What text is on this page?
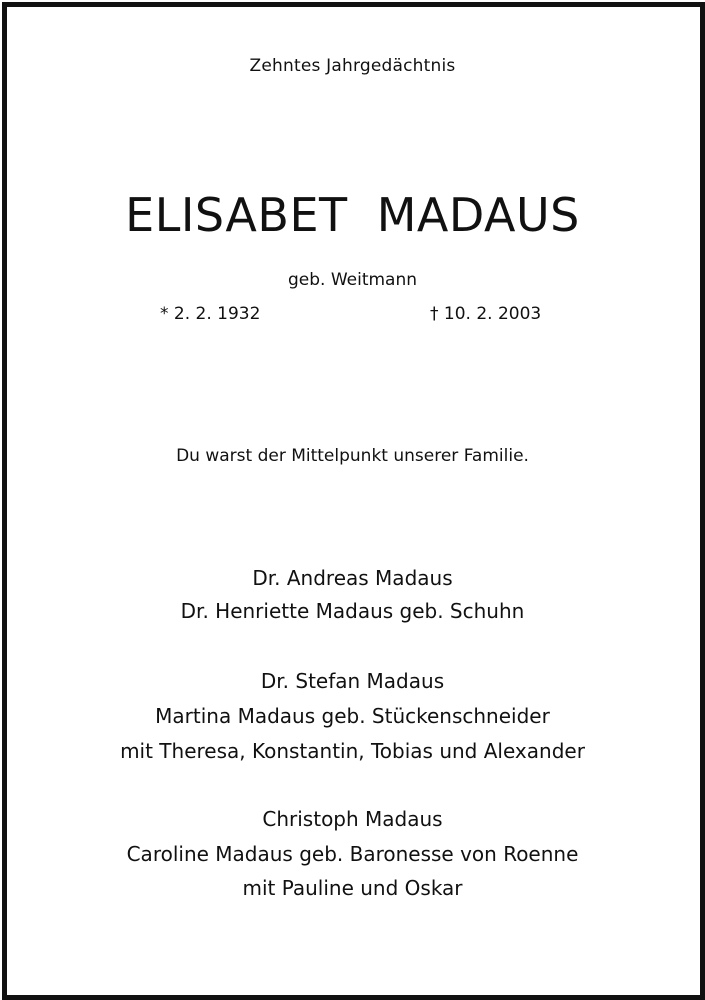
Zehntes Jahrgedächtnis
ELISABET MADAUS
geb. Weitmann
* 2. 2. 1932	† 10. 2. 2003
Du warst der Mittelpunkt unserer Familie.
Dr. Andreas Madaus
Dr. Henriette Madaus geb. Schuhn
Dr. Stefan Madaus
Martina Madaus geb. Stückenschneider
mit Theresa, Konstantin, Tobias und Alexander
Christoph Madaus
Caroline Madaus geb. Baronesse von Roenne
mit Pauline und Oskar
